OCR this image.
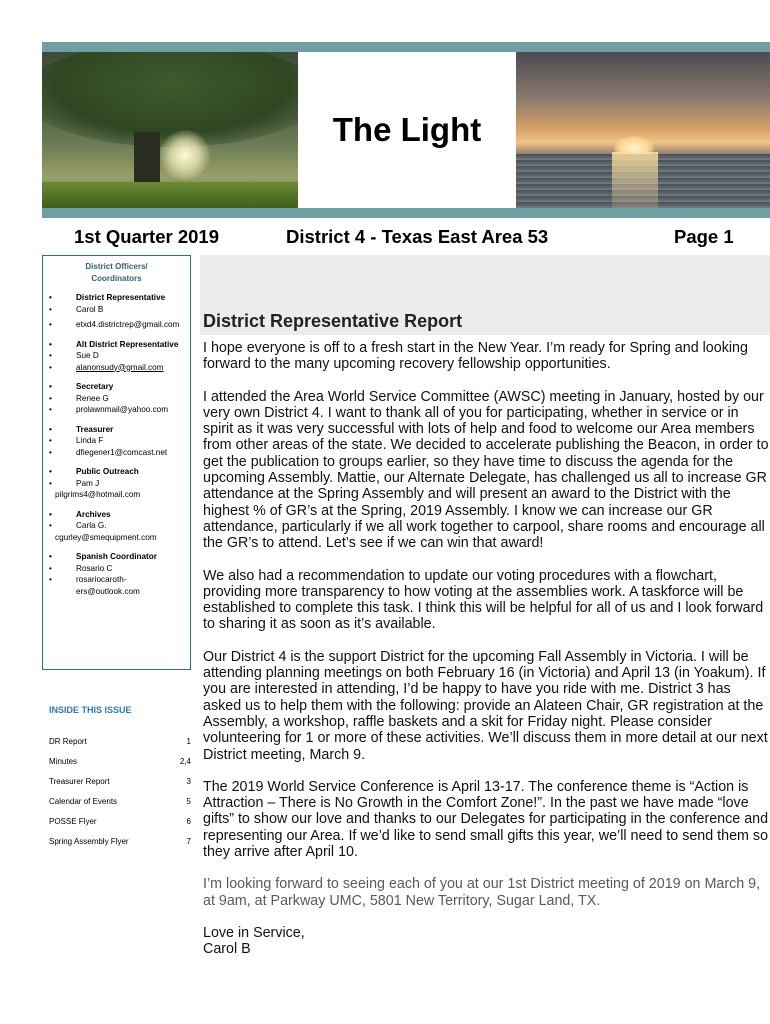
The Light
1st Quarter 2019	District 4 - Texas East Area 53	Page 1
District Officers/
Coordinators
•	District Representative
•	Carol B
•	etxd4.districtrep@gmail.com
•	Alt District Representative
•	Sue D
•	alanonsudy@gmail.com
•	Secretary
•	Renee G
•	prolawnmail@yahoo.com
•	Treasurer
•	Linda F
•	dfiegener1@comcast.net
•	Public Outreach
•	Pam J
pilgrims4@hotmail.com
•	Archives
•	Carla G.
cgurley@smequipment.com
•	Spanish Coordinator
•	Rosario C
•	rosariocaroth-
ers@outlook.com
INSIDE THIS ISSUE
DR Report	1
Minutes	2,4
Treasurer Report	3
Calendar of Events	5
POSSE Flyer	6
Spring Assembly Flyer	7
District Representative Report

I hope everyone is off to a fresh start in the New Year. I’m ready for Spring and looking forward to the many upcoming recovery fellowship opportunities.

I attended the Area World Service Committee (AWSC) meeting in January, hosted by our very own District 4. I want to thank all of you for participating, whether in service or in spirit as it was very successful with lots of help and food to welcome our Area members from other areas of the state. We decided to accelerate publishing the Beacon, in order to get the publication to groups earlier, so they have time to discuss the agenda for the upcoming Assembly. Mattie, our Alternate Delegate, has challenged us all to increase GR attendance at the Spring Assembly and will present an award to the District with the highest % of GR’s at the Spring, 2019 Assembly. I know we can increase our GR attendance, particularly if we all work together to carpool, share rooms and encourage all the GR’s to attend. Let’s see if we can win that award!

We also had a recommendation to update our voting procedures with a flowchart, providing more transparency to how voting at the assemblies work. A taskforce will be established to complete this task. I think this will be helpful for all of us and I look forward to sharing it as soon as it’s available.

Our District 4 is the support District for the upcoming Fall Assembly in Victoria. I will be attending planning meetings on both February 16 (in Victoria) and April 13 (in Yoakum). If you are interested in attending, I’d be happy to have you ride with me. District 3 has asked us to help them with the following: provide an Alateen Chair, GR registration at the Assembly, a workshop, raffle baskets and a skit for Friday night. Please consider volunteering for 1 or more of these activities. We’ll discuss them in more detail at our next District meeting, March 9.

The 2019 World Service Conference is April 13-17. The conference theme is “Action is Attraction – There is No Growth in the Comfort Zone!”. In the past we have made “love gifts” to show our love and thanks to our Delegates for participating in the conference and representing our Area. If we’d like to send small gifts this year, we’ll need to send them so they arrive after April 10.

I’m looking forward to seeing each of you at our 1st District meeting of 2019 on March 9, at 9am, at Parkway UMC, 5801 New Territory, Sugar Land, TX.

Love in Service,
Carol B
